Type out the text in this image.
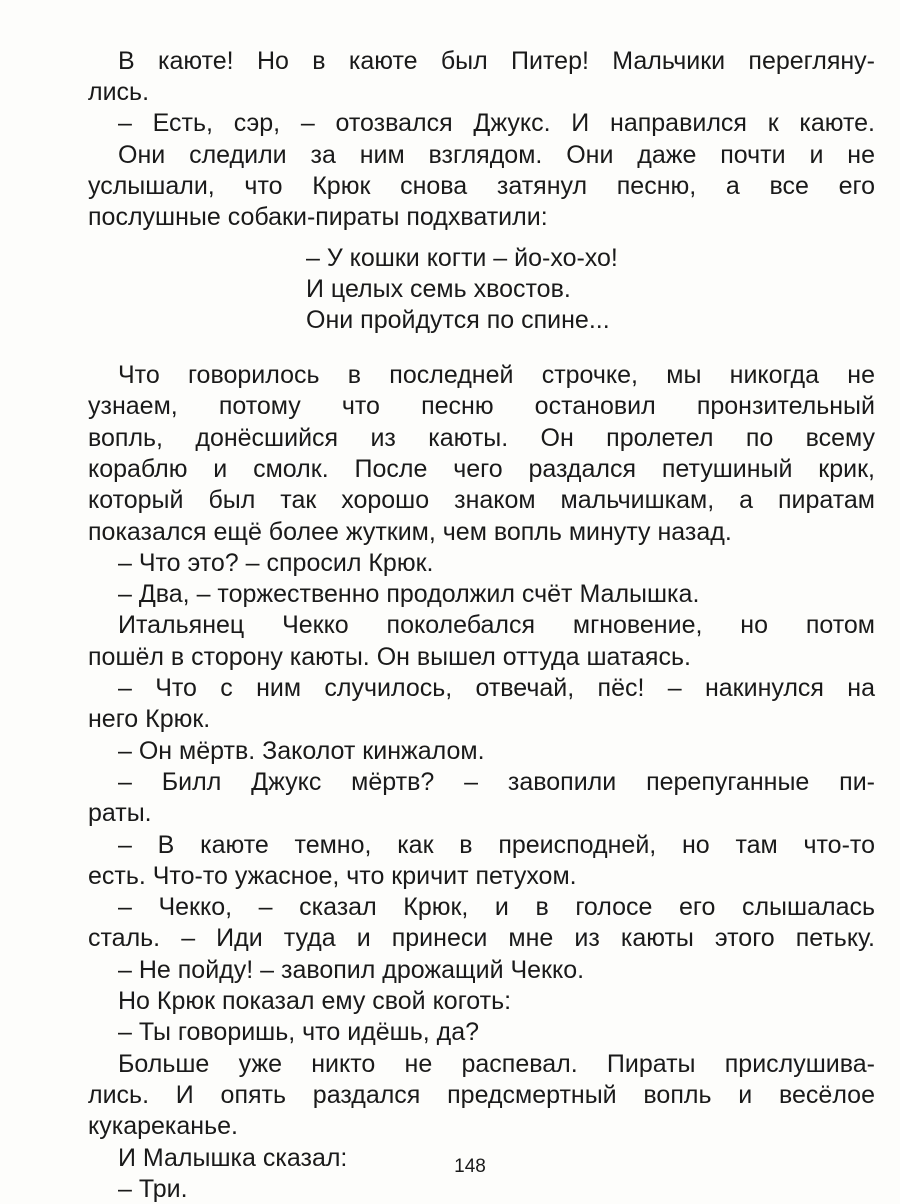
В каюте! Но в каюте был Питер! Мальчики перегляну-
лись.
– Есть, сэр, – отозвался Джукс. И направился к каюте.
Они следили за ним взглядом. Они даже почти и не
услышали, что Крюк снова затянул песню, а все его
послушные собаки-пираты подхватили:
– У кошки когти – йо-хо-хо!
И целых семь хвостов.
Они пройдутся по спине...
Что говорилось в последней строчке, мы никогда не
узнаем, потому что песню остановил пронзительный
вопль, донёсшийся из каюты. Он пролетел по всему
кораблю и смолк. После чего раздался петушиный крик,
который был так хорошо знаком мальчишкам, а пиратам
показался ещё более жутким, чем вопль минуту назад.
– Что это? – спросил Крюк.
– Два, – торжественно продолжил счёт Малышка.
Итальянец Чекко поколебался мгновение, но потом
пошёл в сторону каюты. Он вышел оттуда шатаясь.
– Что с ним случилось, отвечай, пёс! – накинулся на
него Крюк.
– Он мёртв. Заколот кинжалом.
– Билл Джукс мёртв? – завопили перепуганные пи-
раты.
– В каюте темно, как в преисподней, но там что-то
есть. Что-то ужасное, что кричит петухом.
– Чекко, – сказал Крюк, и в голосе его слышалась
сталь. – Иди туда и принеси мне из каюты этого петьку.
– Не пойду! – завопил дрожащий Чекко.
Но Крюк показал ему свой коготь:
– Ты говоришь, что идёшь, да?
Больше уже никто не распевал. Пираты прислушива-
лись. И опять раздался предсмертный вопль и весёлое
кукареканье.
И Малышка сказал:
– Три.
148
